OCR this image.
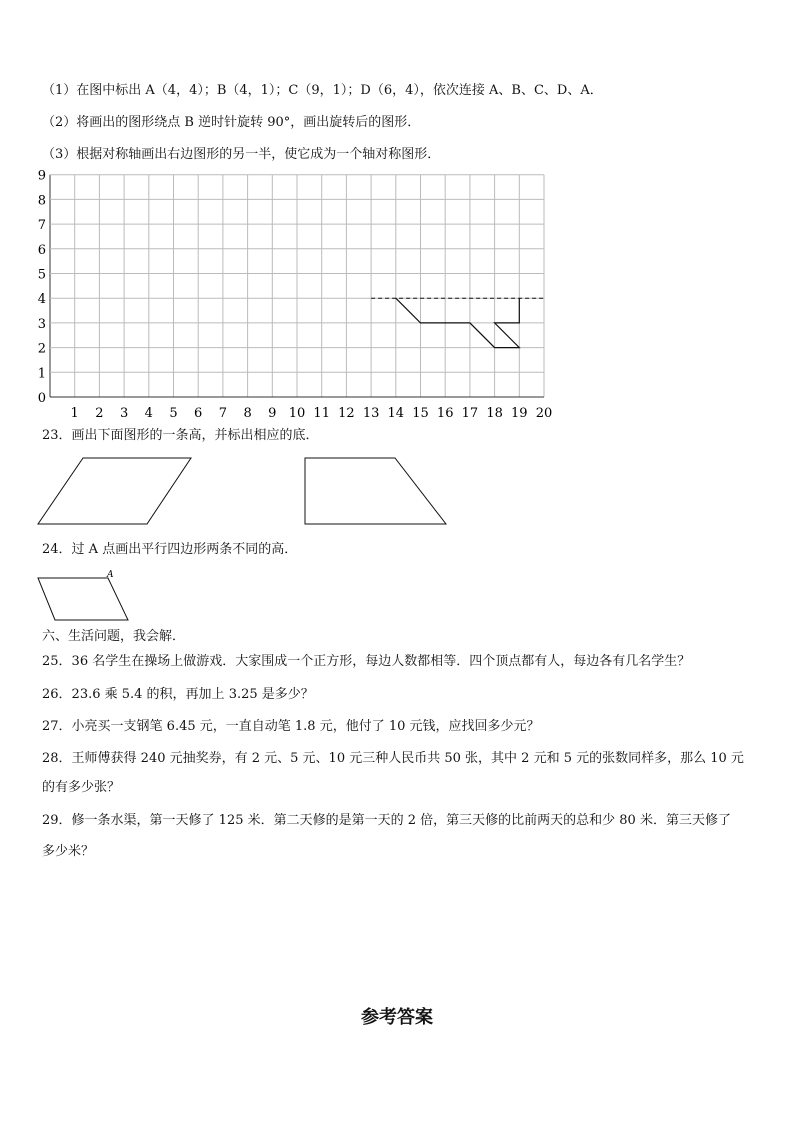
（1）在图中标出 A（4，4）；B（4，1）；C（9，1）；D（6，4），依次连接 A、B、C、D、A．
（2）将画出的图形绕点 B 逆时针旋转 90°，画出旋转后的图形．
（3）根据对称轴画出右边图形的另一半，使它成为一个轴对称图形．
1 2 3 4 5 6 7 8 9 10 11 12 13 14 15 16 17 18 19 20
0
1
2
3
4
5
6
7
8
9
23．画出下面图形的一条高，并标出相应的底．
24．过 A 点画出平行四边形两条不同的高．
A
六、生活问题，我会解．
25．36 名学生在操场上做游戏．大家围成一个正方形，每边人数都相等．四个顶点都有人，每边各有几名学生？
26．23.6 乘 5.4 的积，再加上 3.25 是多少？
27．小亮买一支钢笔 6.45 元，一直自动笔 1.8 元，他付了 10 元钱，应找回多少元？
28．王师傅获得 240 元抽奖券，有 2 元、5 元、10 元三种人民币共 50 张，其中 2 元和 5 元的张数同样多，那么 10 元
的有多少张？
29．修一条水渠，第一天修了 125 米．第二天修的是第一天的 2 倍，第三天修的比前两天的总和少 80 米．第三天修了
多少米？
参考答案
